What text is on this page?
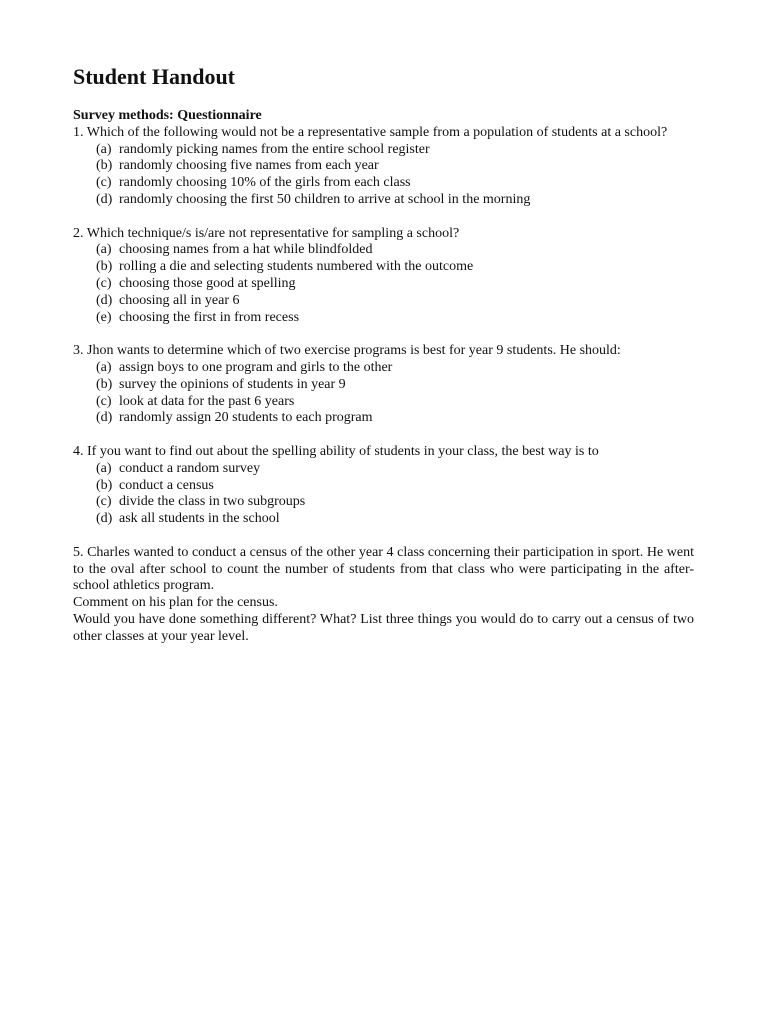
Student Handout
Survey methods: Questionnaire

1. Which of the following would not be a representative sample from a population of students at a school?

(a) randomly picking names from the entire school register
(b) randomly choosing five names from each year
(c) randomly choosing 10% of the girls from each class
(d) randomly choosing the first 50 children to arrive at school in the morning

2. Which technique/s is/are not representative for sampling a school?

(a) choosing names from a hat while blindfolded
(b) rolling a die and selecting students numbered with the outcome
(c) choosing those good at spelling
(d) choosing all in year 6
(e) choosing the first in from recess

3. Jhon wants to determine which of two exercise programs is best for year 9 students. He should:

(a) assign boys to one program and girls to the other
(b) survey the opinions of students in year 9
(c) look at data for the past 6 years
(d) randomly assign 20 students to each program

4. If you want to find out about the spelling ability of students in your class, the best way is to

(a) conduct a random survey
(b) conduct a census
(c) divide the class in two subgroups
(d) ask all students in the school

5. Charles wanted to conduct a census of the other year 4 class concerning their participation in sport. He went to the oval after school to count the number of students from that class who were participating in the after-school athletics program.

Comment on his plan for the census.

Would you have done something different? What? List three things you would do to carry out a census of two other classes at your year level.
